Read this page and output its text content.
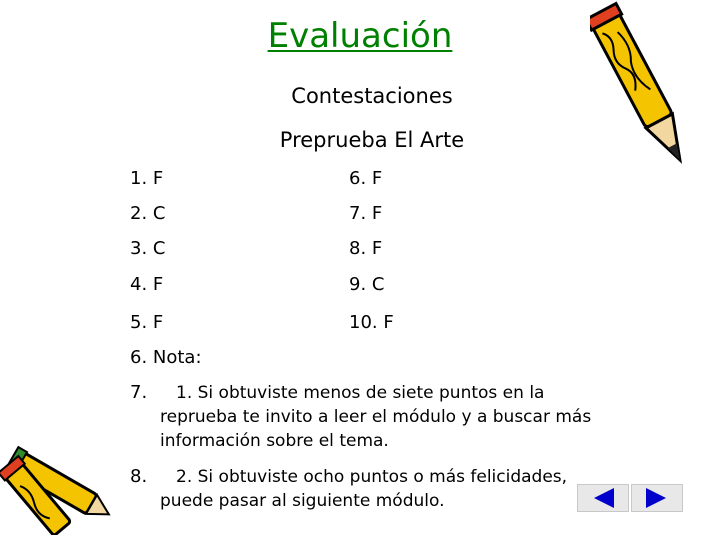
Evaluación
Contestaciones
Preprueba El Arte
1. F
2. C
3. C
4. F
5. F
6. F
7. F
8. F
9. C
10. F
6. Nota:
7.	1. Si obtuviste menos de siete puntos en la
reprueba te invito a leer el módulo y a buscar más información sobre el tema.
8.	2. Si obtuviste ocho puntos o más felicidades,
puede pasar al siguiente módulo.
